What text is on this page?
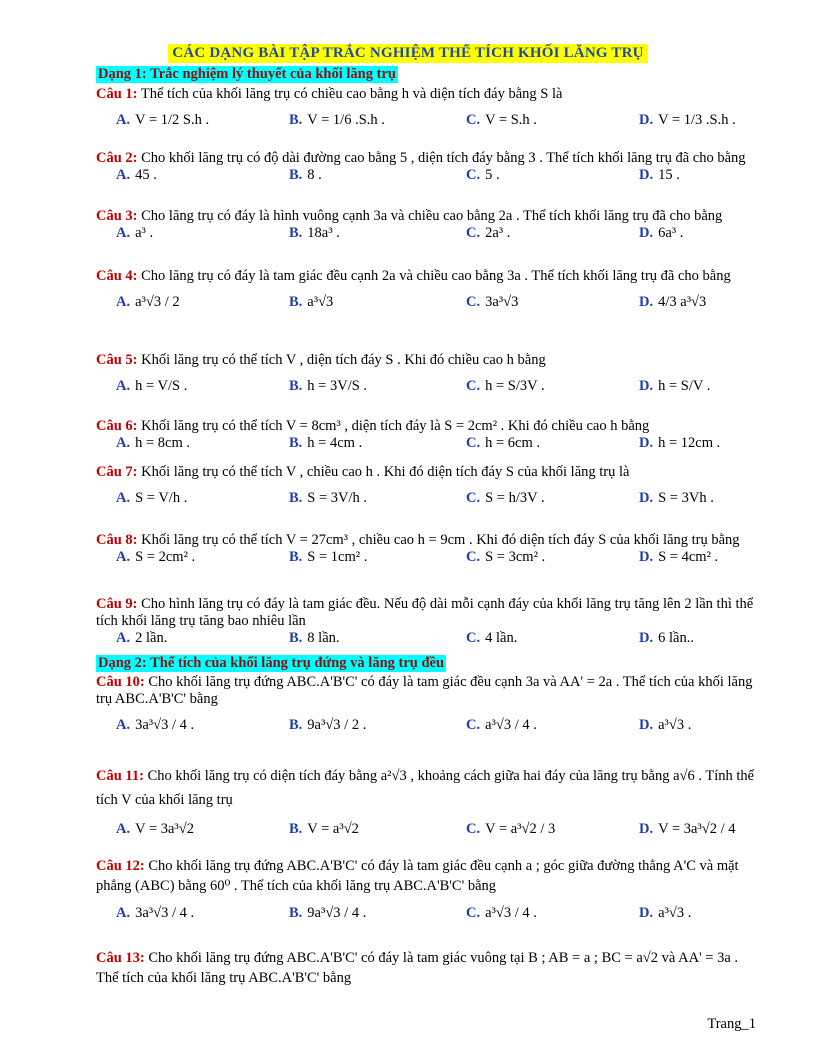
CÁC DẠNG BÀI TẬP TRẮC NGHIỆM THỂ TÍCH KHỐI LĂNG TRỤ
Dạng 1: Trắc nghiệm lý thuyết của khối lăng trụ

Câu 1: Thể tích của khối lăng trụ có chiều cao bằng h và diện tích đáy bằng S là

A. V = 1/2 S.h .	B. V = 1/6 .S.h .	C. V = S.h .	D. V = 1/3 .S.h .

Câu 2: Cho khối lăng trụ có độ dài đường cao bằng 5 , diện tích đáy bằng 3 . Thể tích khối lăng trụ đã cho bằng

A. 45 .	B. 8 .	C. 5 .	D. 15 .

Câu 3: Cho lăng trụ có đáy là hình vuông cạnh 3a và chiều cao bằng 2a . Thể tích khối lăng trụ đã cho bằng

A. a³ .	B. 18a³ .	C. 2a³ .	D. 6a³ .

Câu 4: Cho lăng trụ có đáy là tam giác đều cạnh 2a và chiều cao bằng 3a . Thể tích khối lăng trụ đã cho bằng

A. a³√3 / 2	B. a³√3	C. 3a³√3	D. 4/3 a³√3

Câu 5: Khối lăng trụ có thể tích V , diện tích đáy S . Khi đó chiều cao h bằng

A. h = V/S .	B. h = 3V/S .	C. h = S/3V .	D. h = S/V .

Câu 6: Khối lăng trụ có thể tích V = 8cm³ , diện tích đáy là S = 2cm² . Khi đó chiều cao h bằng

A. h = 8cm .	B. h = 4cm .	C. h = 6cm .	D. h = 12cm .

Câu 7: Khối lăng trụ có thể tích V , chiều cao h . Khi đó diện tích đáy S của khối lăng trụ là

A. S = V/h .	B. S = 3V/h .	C. S = h/3V .	D. S = 3Vh .

Câu 8: Khối lăng trụ có thể tích V = 27cm³ , chiều cao h = 9cm . Khi đó diện tích đáy S của khối lăng trụ bằng

A. S = 2cm² .	B. S = 1cm² .	C. S = 3cm² .	D. S = 4cm² .

Câu 9: Cho hình lăng trụ có đáy là tam giác đều. Nếu độ dài mỗi cạnh đáy của khối lăng trụ tăng lên 2 lần thì thể tích khối lăng trụ tăng bao nhiêu lần

A. 2 lần.	B. 8 lần.	C. 4 lần.	D. 6 lần..
Dạng 2: Thể tích của khối lăng trụ đứng và lăng trụ đều

Câu 10: Cho khối lăng trụ đứng ABC.A'B'C' có đáy là tam giác đều cạnh 3a và AA' = 2a . Thể tích của khối lăng trụ ABC.A'B'C' bằng

A. 3a³√3 / 4 .	B. 9a³√3 / 2 .	C. a³√3 / 4 .	D. a³√3 .

Câu 11: Cho khối lăng trụ có diện tích đáy bằng a²√3 , khoảng cách giữa hai đáy của lăng trụ bằng a√6 . Tính thể tích V của khối lăng trụ

A. V = 3a³√2	B. V = a³√2	C. V = a³√2 / 3	D. V = 3a³√2 / 4

Câu 12: Cho khối lăng trụ đứng ABC.A'B'C' có đáy là tam giác đều cạnh a ; góc giữa đường thẳng A'C và mặt phẳng (ABC) bằng 60⁰ . Thể tích của khối lăng trụ ABC.A'B'C' bằng

A. 3a³√3 / 4 .	B. 9a³√3 / 4 .	C. a³√3 / 4 .	D. a³√3 .

Câu 13: Cho khối lăng trụ đứng ABC.A'B'C' có đáy là tam giác vuông tại B ; AB = a ; BC = a√2 và AA' = 3a . Thể tích của khối lăng trụ ABC.A'B'C' bằng

Trang_1
